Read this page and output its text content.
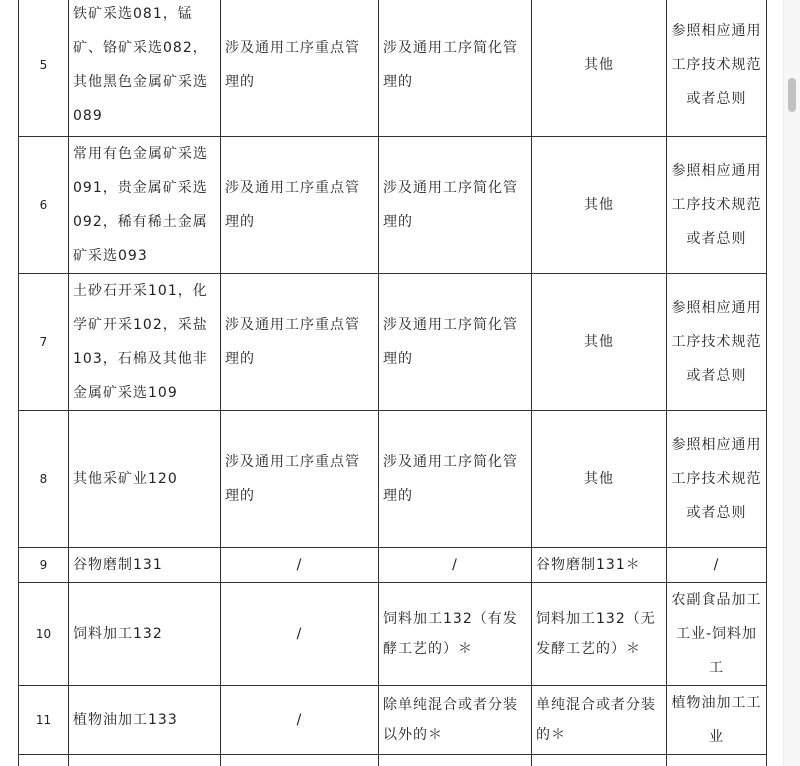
5	铁矿采选081，锰矿、铬矿采选082，其他黑色金属矿采选089	涉及通用工序重点管理的	涉及通用工序简化管理的	其他	参照相应通用工序技术规范或者总则
6	常用有色金属矿采选091，贵金属矿采选092，稀有稀土金属矿采选093	涉及通用工序重点管理的	涉及通用工序简化管理的	其他	参照相应通用工序技术规范或者总则
7	土砂石开采101，化学矿开采102，采盐103，石棉及其他非金属矿采选109	涉及通用工序重点管理的	涉及通用工序简化管理的	其他	参照相应通用工序技术规范或者总则
8	其他采矿业120	涉及通用工序重点管理的	涉及通用工序简化管理的	其他	参照相应通用工序技术规范或者总则
9	谷物磨制131	/	/	谷物磨制131＊	/
10	饲料加工132	/	饲料加工132（有发酵工艺的）＊	饲料加工132（无发酵工艺的）＊	农副食品加工工业-饲料加工
11	植物油加工133	/	除单纯混合或者分装以外的＊	单纯混合或者分装的＊	植物油加工工业
